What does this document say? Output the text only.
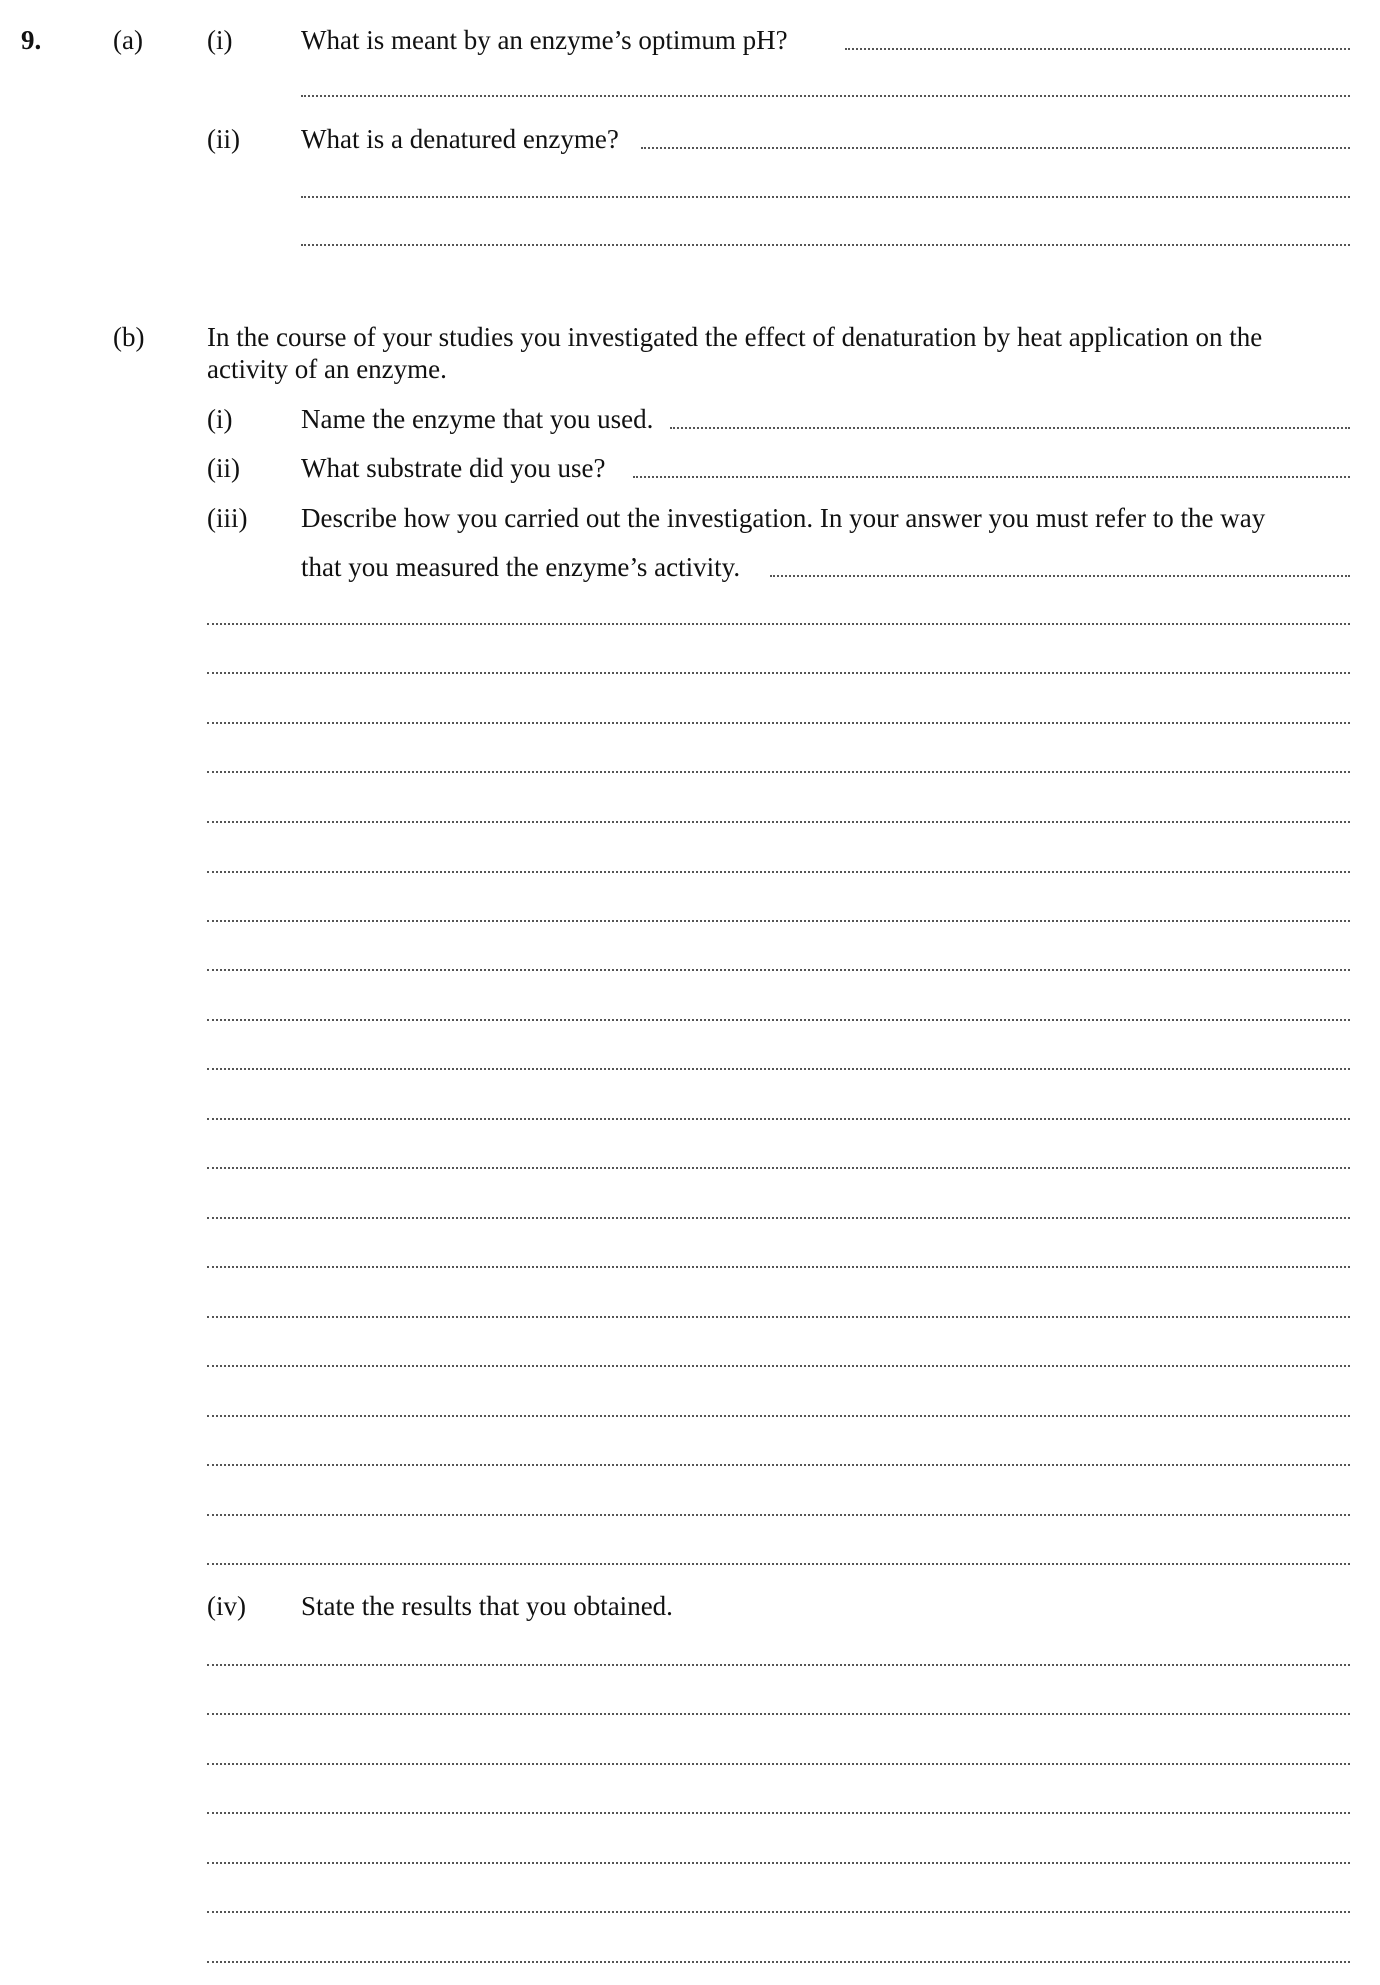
9.	(a) (i)	What is meant by an enzyme’s optimum pH?
(ii) What is a denatured enzyme?
(b) In the course of your studies you investigated the effect of denaturation by heat application on the
activity of an enzyme.
(i)	Name the enzyme that you used.
(ii) What substrate did you use?
(iii) Describe how you carried out the investigation. In your answer you must refer to the way
that you measured the enzyme’s activity.
(iv) State the results that you obtained.
